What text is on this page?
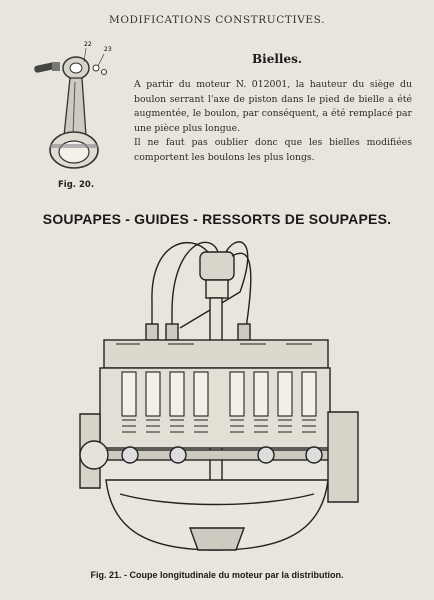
MODIFICATIONS CONSTRUCTIVES.
22
23
Fig. 20.
Bielles.

A partir du moteur N. 012001, la hauteur du siège du boulon serrant l'axe de piston dans le pied de bielle a été augmentée, le boulon, par conséquent, a été remplacé par une pièce plus longue.

Il ne faut pas oublier donc que les bielles modifiées comportent les boulons les plus longs.

SOUPAPES - GUIDES - RESSORTS DE SOUPAPES.
Fig. 21. - Coupe longitudinale du moteur par la distribution.
